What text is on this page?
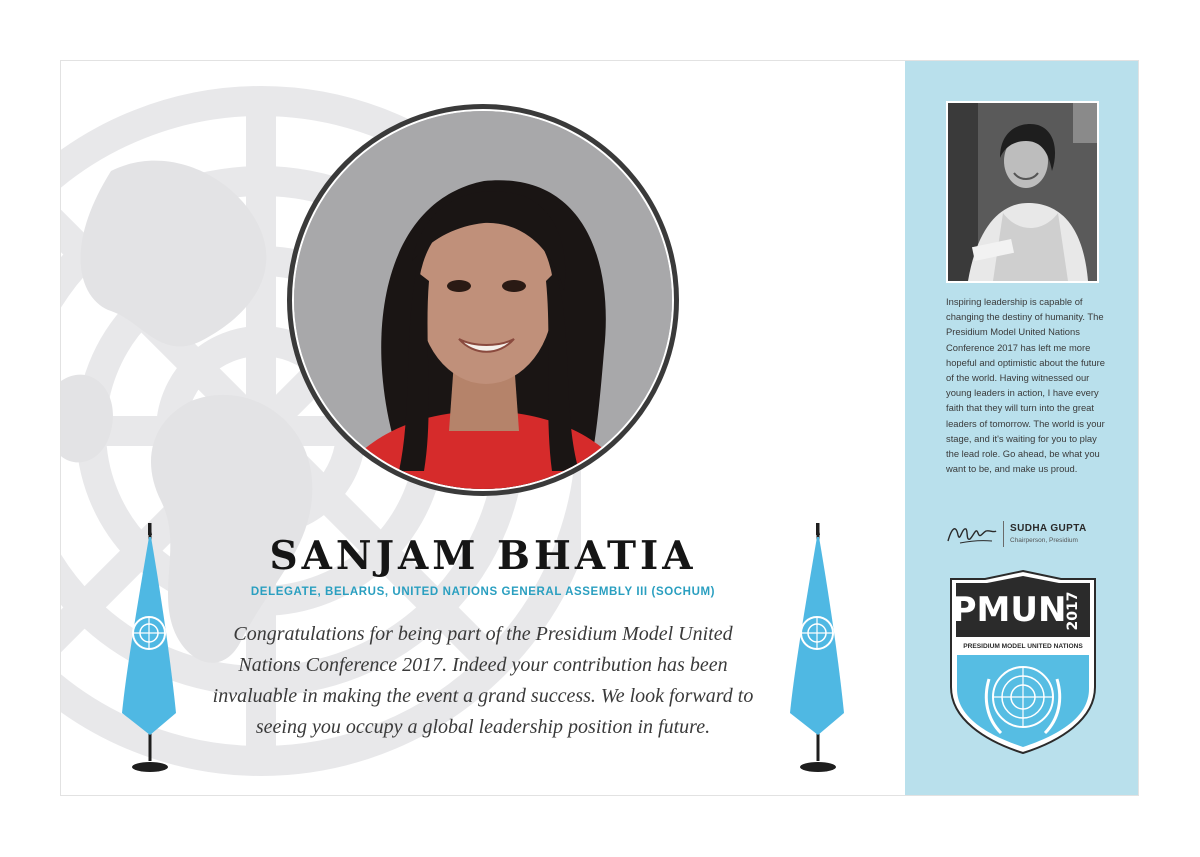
SANJAM BHATIA
DELEGATE, BELARUS, UNITED NATIONS GENERAL ASSEMBLY III (SOCHUM)
Congratulations for being part of the Presidium Model United Nations Conference 2017. Indeed your contribution has been invaluable in making the event a grand success. We look forward to seeing you occupy a global leadership position in future.

Inspiring leadership is capable of changing the destiny of humanity. The Presidium Model United Nations Conference 2017 has left me more hopeful and optimistic about the future of the world. Having witnessed our young leaders in action, I have every faith that they will turn into the great leaders of tomorrow. The world is your stage, and it's waiting for you to play the lead role. Go ahead, be what you want to be, and make us proud.

SUDHA GUPTA
Chairperson, Presidium
PMUN
2017
PRESIDIUM MODEL UNITED NATIONS
